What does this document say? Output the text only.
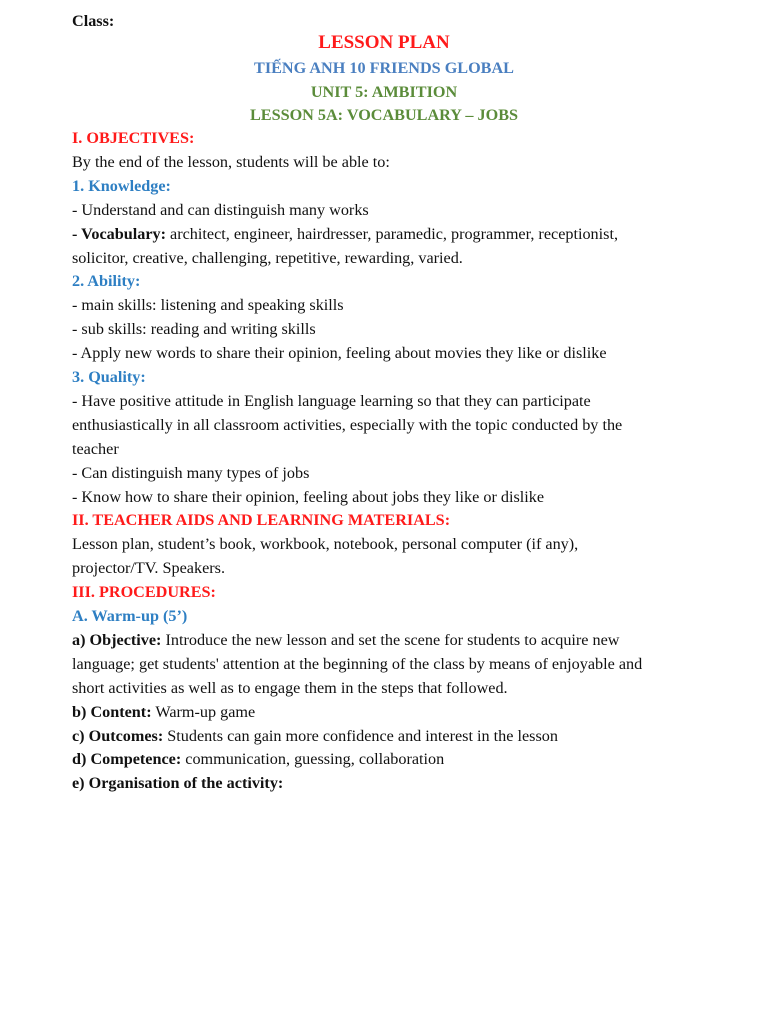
Class:
LESSON PLAN
TIẾNG ANH 10 FRIENDS GLOBAL
UNIT 5: AMBITION
LESSON 5A: VOCABULARY – JOBS
I. OBJECTIVES:
By the end of the lesson, students will be able to:
1. Knowledge:
- Understand and can distinguish many works
- Vocabulary: architect, engineer, hairdresser, paramedic, programmer, receptionist,
solicitor, creative, challenging, repetitive, rewarding, varied.
2. Ability:
- main skills: listening and speaking skills
- sub skills: reading and writing skills
- Apply new words to share their opinion, feeling about movies they like or dislike
3. Quality:
- Have positive attitude in English language learning so that they can participate
enthusiastically in all classroom activities, especially with the topic conducted by the
teacher
- Can distinguish many types of jobs
- Know how to share their opinion, feeling about jobs they like or dislike
II. TEACHER AIDS AND LEARNING MATERIALS:
Lesson plan, student’s book, workbook, notebook, personal computer (if any),
projector/TV. Speakers.
III. PROCEDURES:
A. Warm-up (5’)
a) Objective: Introduce the new lesson and set the scene for students to acquire new
language; get students' attention at the beginning of the class by means of enjoyable and
short activities as well as to engage them in the steps that followed.
b) Content: Warm-up game
c) Outcomes: Students can gain more confidence and interest in the lesson
d) Competence: communication, guessing, collaboration
e) Organisation of the activity:
